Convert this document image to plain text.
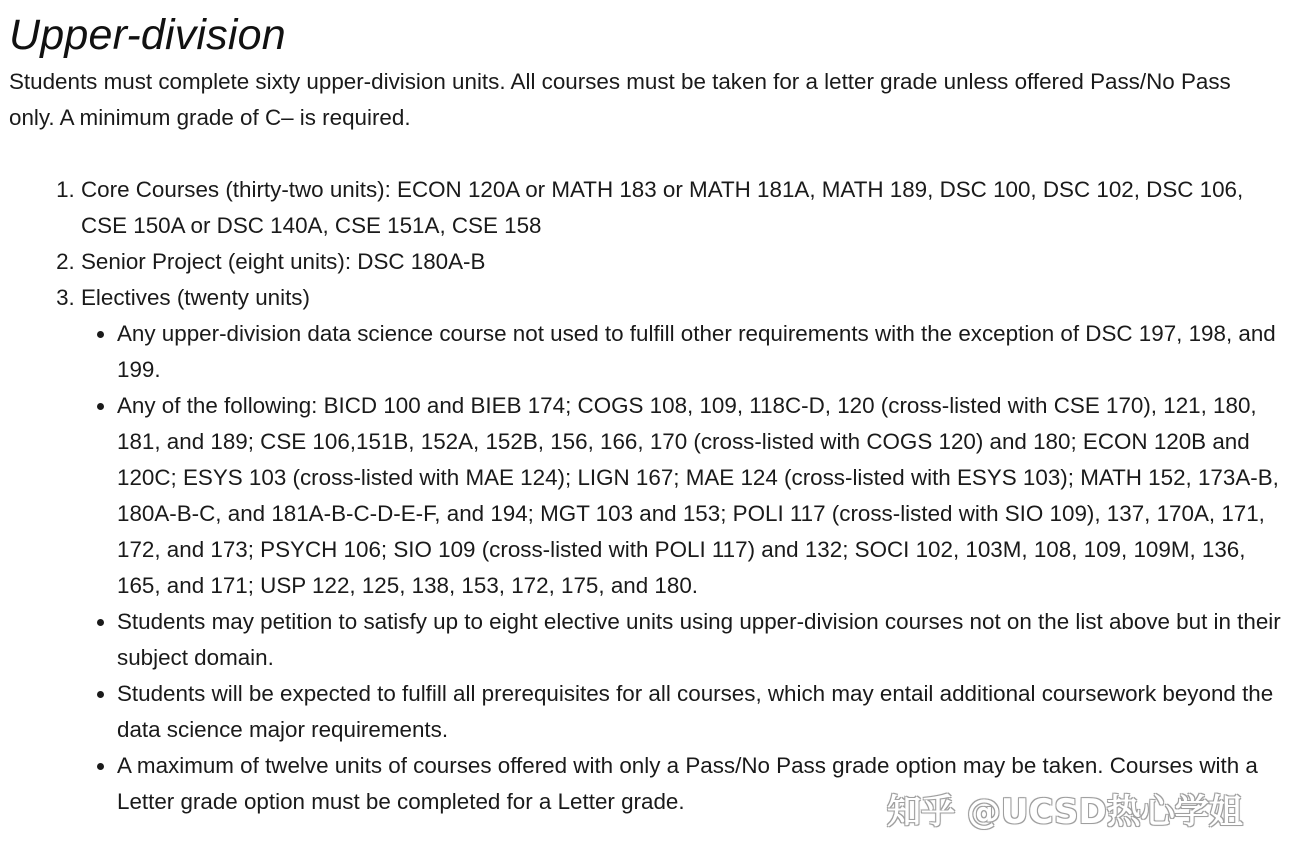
Upper-division

Students must complete sixty upper-division units. All courses must be taken for a letter grade unless offered Pass/No Pass only. A minimum grade of C– is required.

1. Core Courses (thirty-two units): ECON 120A or MATH 183 or MATH 181A, MATH 189, DSC 100, DSC 102, DSC 106, CSE 150A or DSC 140A, CSE 151A, CSE 158
2. Senior Project (eight units): DSC 180A-B
3. Electives (twenty units)
• Any upper-division data science course not used to fulfill other requirements with the exception of DSC 197, 198, and 199.
• Any of the following: BICD 100 and BIEB 174; COGS 108, 109, 118C-D, 120 (cross-listed with CSE 170), 121, 180, 181, and 189; CSE 106,151B, 152A, 152B, 156, 166, 170 (cross-listed with COGS 120) and 180; ECON 120B and 120C; ESYS 103 (cross-listed with MAE 124); LIGN 167; MAE 124 (cross-listed with ESYS 103); MATH 152, 173A-B, 180A-B-C, and 181A-B-C-D-E-F, and 194; MGT 103 and 153; POLI 117 (cross-listed with SIO 109), 137, 170A, 171, 172, and 173; PSYCH 106; SIO 109 (cross-listed with POLI 117) and 132; SOCI 102, 103M, 108, 109, 109M, 136, 165, and 171; USP 122, 125, 138, 153, 172, 175, and 180.
• Students may petition to satisfy up to eight elective units using upper-division courses not on the list above but in their subject domain.
• Students will be expected to fulfill all prerequisites for all courses, which may entail additional coursework beyond the data science major requirements.
• A maximum of twelve units of courses offered with only a Pass/No Pass grade option may be taken. Courses with a Letter grade option must be completed for a Letter grade.	知乎 @UCSD热心学姐
